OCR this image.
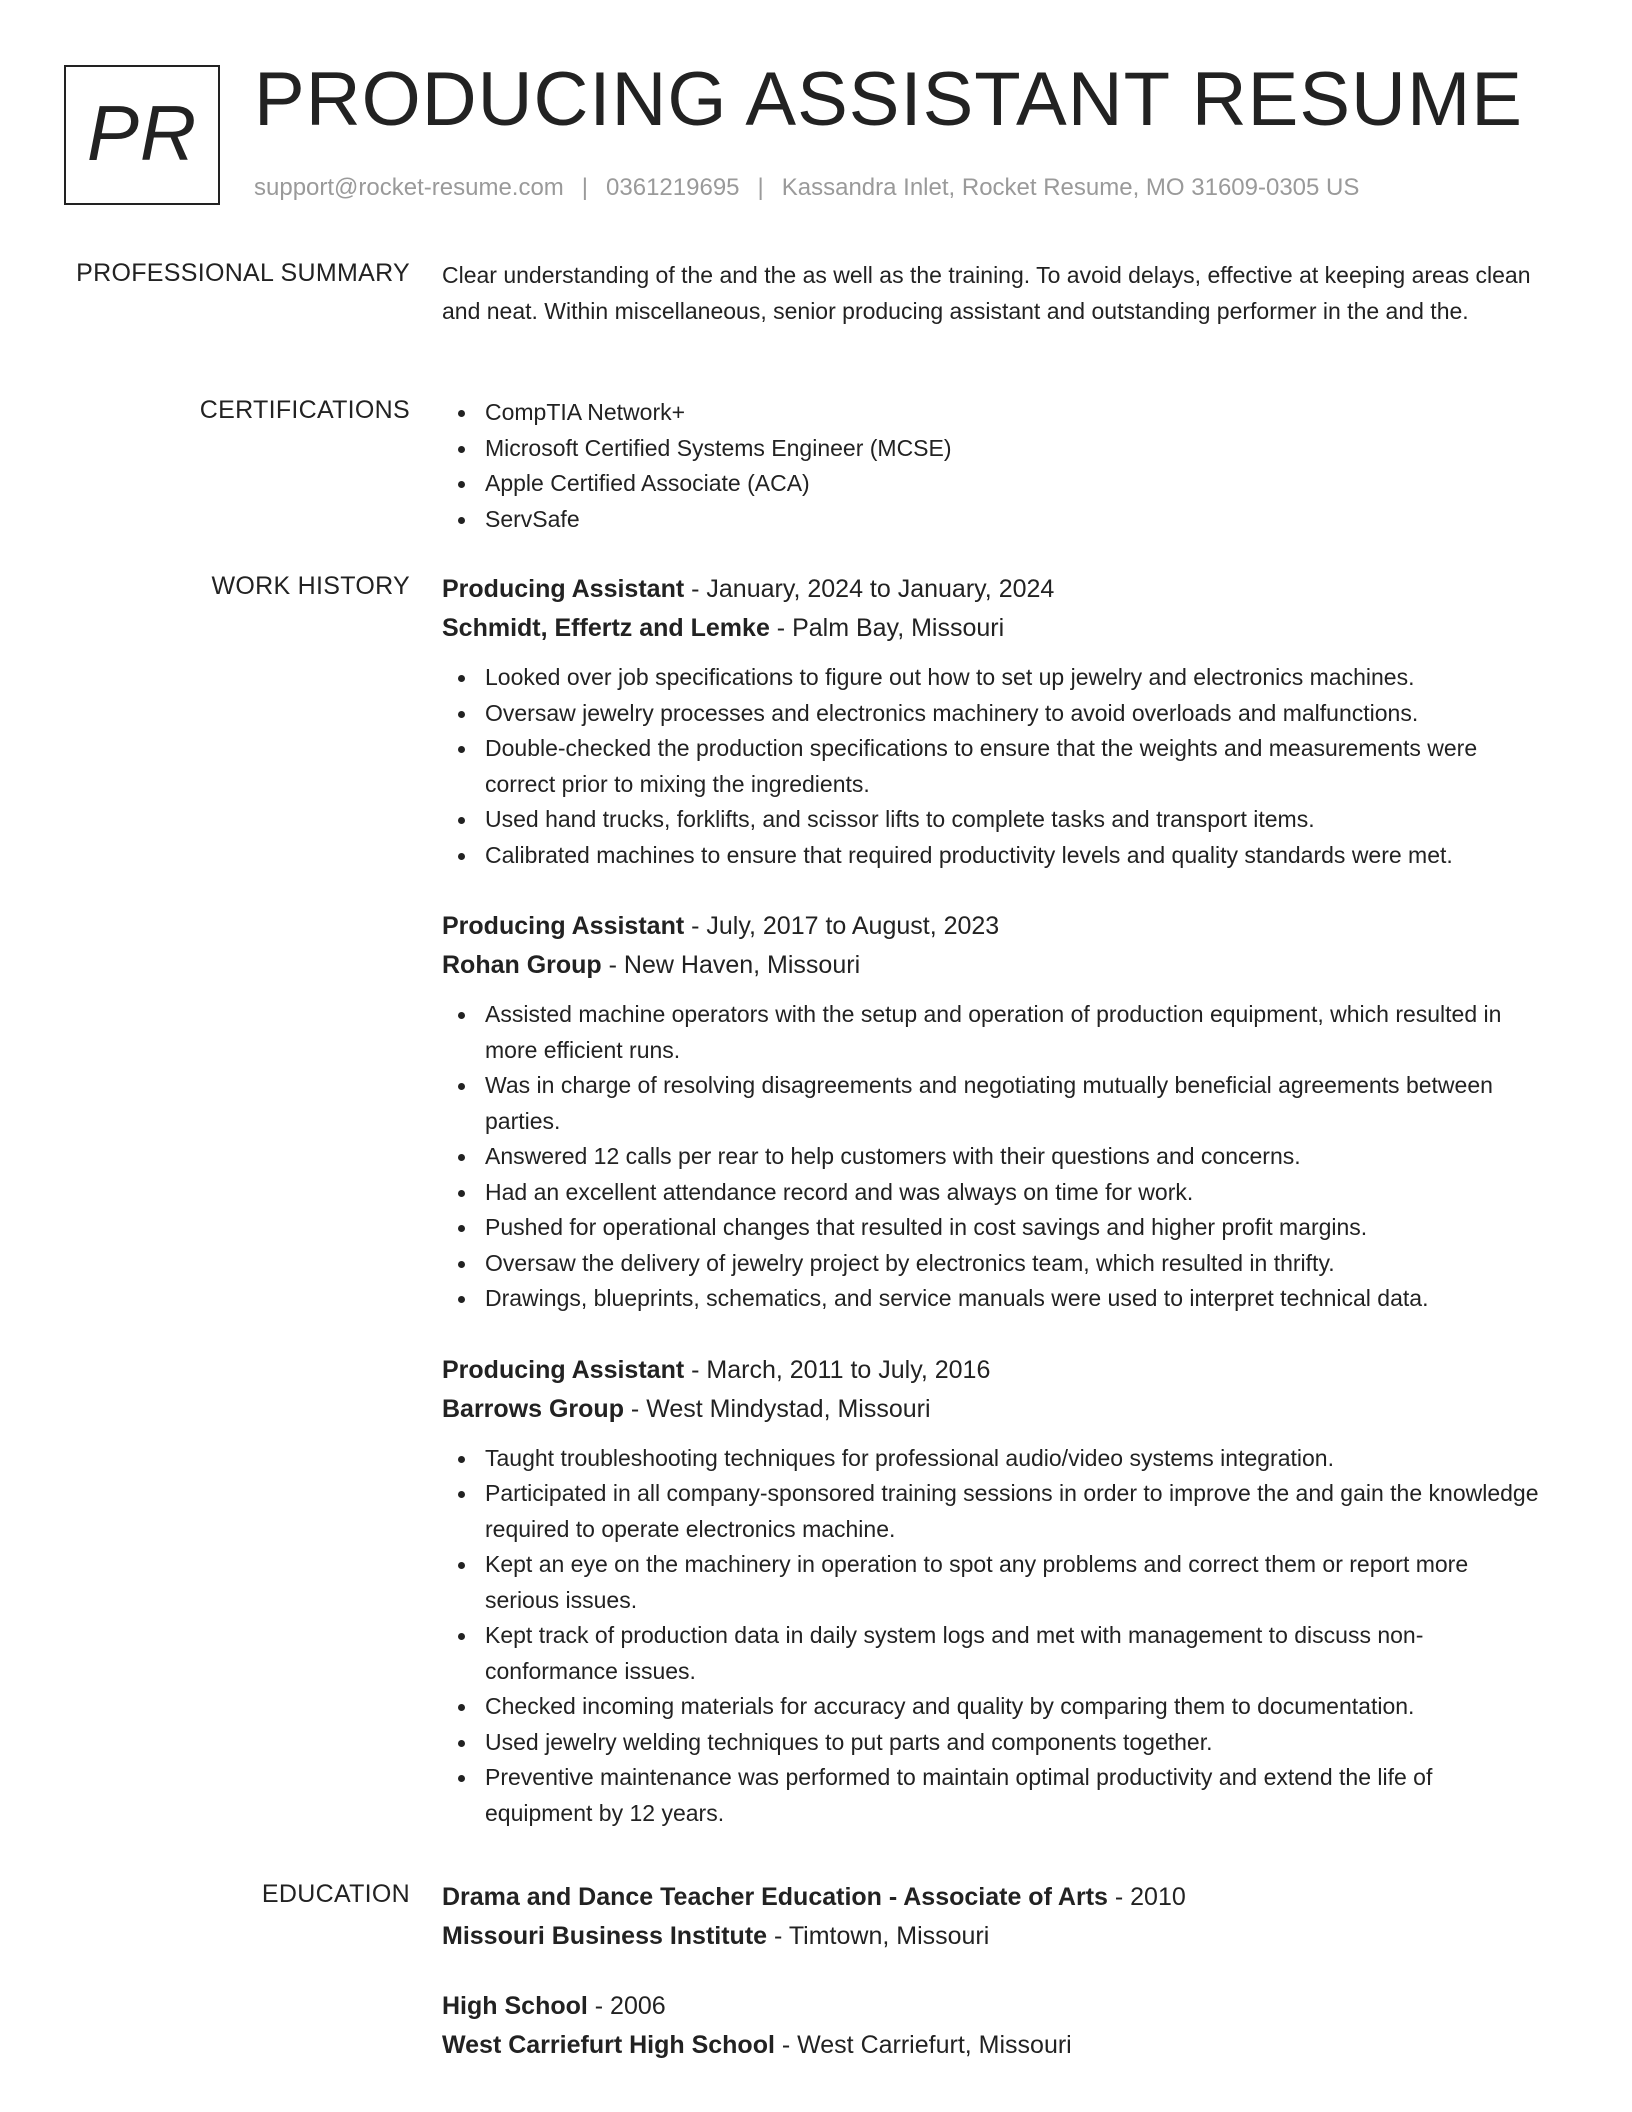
PR PRODUCING ASSISTANT RESUME
support@rocket-resume.com | 0361219695 | Kassandra Inlet, Rocket Resume, MO 31609-0305 US
PROFESSIONAL SUMMARY Clear understanding of the and the as well as the training. To avoid delays, effective at keeping areas clean and neat. Within miscellaneous, senior producing assistant and outstanding performer in the and the.

CERTIFICATIONS	CompTIA Network+
Microsoft Certified Systems Engineer (MCSE)
Apple Certified Associate (ACA)
ServSafe
WORK HISTORY Producing Assistant - January, 2024 to January, 2024
Schmidt, Effertz and Lemke - Palm Bay, Missouri
Looked over job specifications to figure out how to set up jewelry and electronics machines.
Oversaw jewelry processes and electronics machinery to avoid overloads and malfunctions.
Double-checked the production specifications to ensure that the weights and measurements were correct prior to mixing the ingredients.
Used hand trucks, forklifts, and scissor lifts to complete tasks and transport items.
Calibrated machines to ensure that required productivity levels and quality standards were met.
Producing Assistant - July, 2017 to August, 2023
Rohan Group - New Haven, Missouri
Assisted machine operators with the setup and operation of production equipment, which resulted in more efficient runs.
Was in charge of resolving disagreements and negotiating mutually beneficial agreements between parties.
Answered 12 calls per rear to help customers with their questions and concerns.
Had an excellent attendance record and was always on time for work.
Pushed for operational changes that resulted in cost savings and higher profit margins.
Oversaw the delivery of jewelry project by electronics team, which resulted in thrifty.
Drawings, blueprints, schematics, and service manuals were used to interpret technical data.
Producing Assistant - March, 2011 to July, 2016
Barrows Group - West Mindystad, Missouri
Taught troubleshooting techniques for professional audio/video systems integration.
Participated in all company-sponsored training sessions in order to improve the and gain the knowledge required to operate electronics machine.
Kept an eye on the machinery in operation to spot any problems and correct them or report more serious issues.
Kept track of production data in daily system logs and met with management to discuss non-conformance issues.
Checked incoming materials for accuracy and quality by comparing them to documentation.
Used jewelry welding techniques to put parts and components together.
Preventive maintenance was performed to maintain optimal productivity and extend the life of equipment by 12 years.
EDUCATION Drama and Dance Teacher Education - Associate of Arts - 2010
Missouri Business Institute - Timtown, Missouri
High School - 2006
West Carriefurt High School - West Carriefurt, Missouri
